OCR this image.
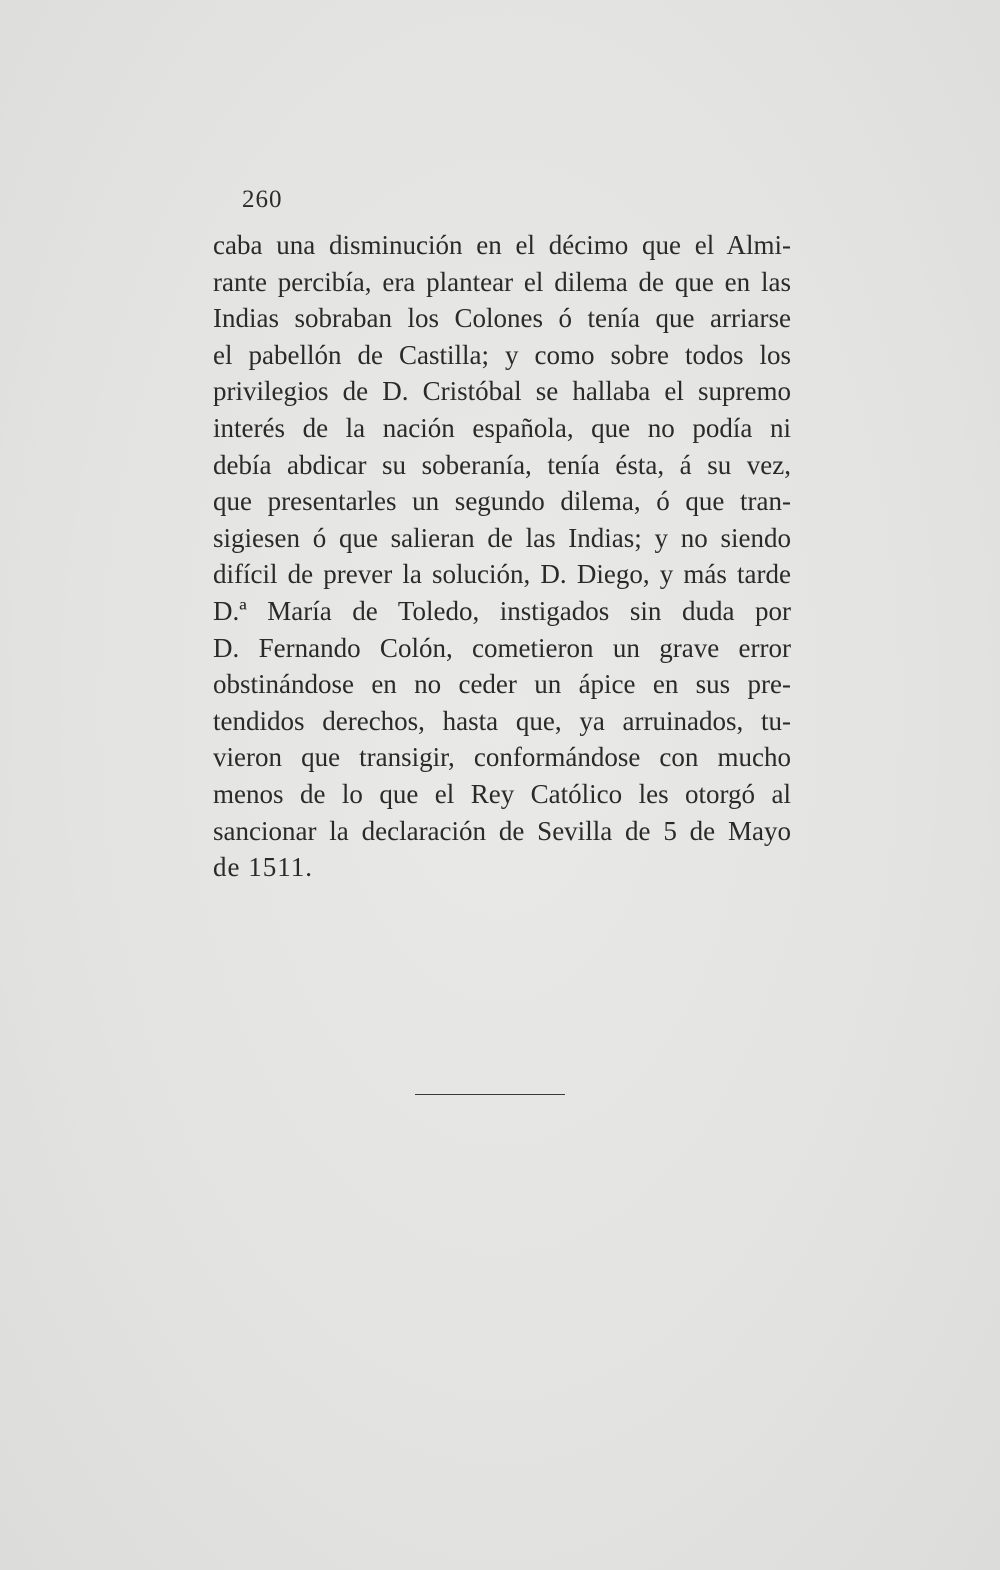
260
caba una disminución en el décimo que el Almi-
rante percibía, era plantear el dilema de que en las
Indias sobraban los Colones ó tenía que arriarse
el pabellón de Castilla; y como sobre todos los
privilegios de D. Cristóbal se hallaba el supremo
interés de la nación española, que no podía ni
debía abdicar su soberanía, tenía ésta, á su vez,
que presentarles un segundo dilema, ó que tran-
sigiesen ó que salieran de las Indias; y no siendo
difícil de prever la solución, D. Diego, y más tarde
D.ª María de Toledo, instigados sin duda por
D. Fernando Colón, cometieron un grave error
obstinándose en no ceder un ápice en sus pre-
tendidos derechos, hasta que, ya arruinados, tu-
vieron que transigir, conformándose con mucho
menos de lo que el Rey Católico les otorgó al
sancionar la declaración de Sevilla de 5 de Mayo
de 1511.
